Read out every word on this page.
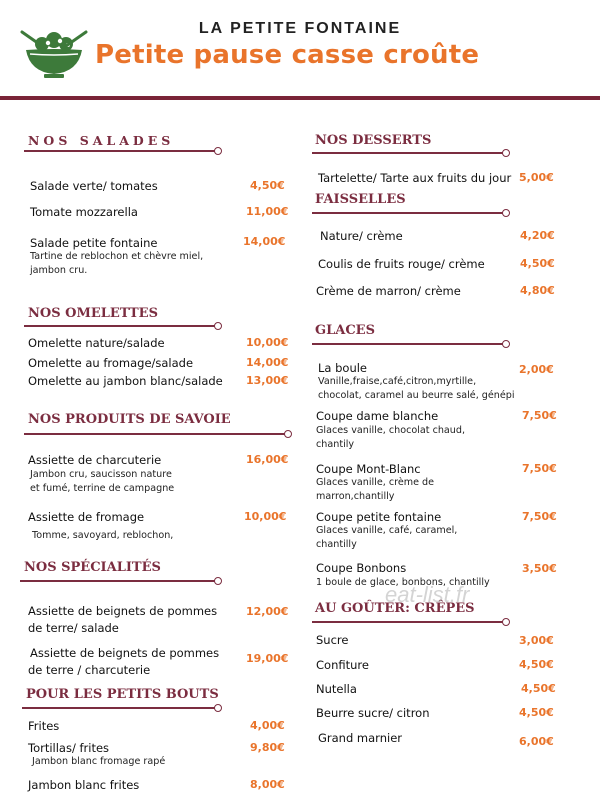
LA PETITE FONTAINE
Petite pause casse croûte
NOS SALADES
Salade verte/ tomates	4,50€
Tomate mozzarella	11,00€
Salade petite fontaine	14,00€
Tartine de reblochon et chèvre miel,
jambon cru.
NOS OMELETTES
Omelette nature/salade	10,00€
Omelette au fromage/salade	14,00€
Omelette au jambon blanc/salade 13,00€
NOS PRODUITS DE SAVOIE
Assiette de charcuterie	16,00€
Jambon cru, saucisson nature
et fumé, terrine de campagne
Assiette de fromage	10,00€
Tomme, savoyard, reblochon,
NOS SPÉCIALITÉS
Assiette de beignets de pommes
de terre/ salade
12,00€
Assiette de beignets de pommes
de terre / charcuterie
19,00€
POUR LES PETITS BOUTS
Frites	4,00€
Tortillas/ frites	9,80€
Jambon blanc fromage rapé
Jambon blanc frites	8,00€
NOS DESSERTS
Tartelette/ Tarte aux fruits du jour 5,00€
FAISSELLES
Nature/ crème	4,20€
Coulis de fruits rouge/ crème	4,50€
Crème de marron/ crème	4,80€
GLACES
La boule	2,00€
Vanille,fraise,café,citron,myrtille,
chocolat, caramel au beurre salé, génépi
Coupe dame blanche	7,50€
Glaces vanille, chocolat chaud,
chantily
Coupe Mont-Blanc	7,50€
Glaces vanille, crème de
marron,chantilly
Coupe petite fontaine	7,50€
Glaces vanille, café, caramel,
chantilly
Coupe Bonbons	3,50€
1 boule de glace, bonbons, chantilly
AU GOÛTER: CRÊPES
Sucre	3,00€
Confiture	4,50€
Nutella	4,50€
Beurre sucre/ citron	4,50€
Grand marnier	6,00€
eat-list.fr
